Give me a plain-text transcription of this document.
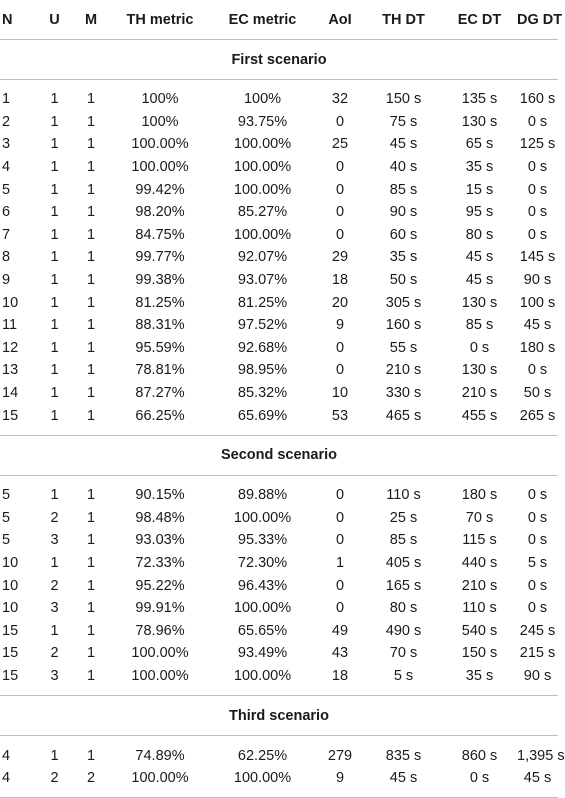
N	U	M	TH metric	EC metric	AoI	TH DT	EC DT	DG DT
First scenario								

1	1	1	100%	100%	32	150 s	135 s	160 s
2	1	1	100%	93.75%	0	75 s	130 s	0 s
3	1	1	100.00%	100.00%	25	45 s	65 s	125 s
4	1	1	100.00%	100.00%	0	40 s	35 s	0 s
5	1	1	99.42%	100.00%	0	85 s	15 s	0 s
6	1	1	98.20%	85.27%	0	90 s	95 s	0 s
7	1	1	84.75%	100.00%	0	60 s	80 s	0 s
8	1	1	99.77%	92.07%	29	35 s	45 s	145 s
9	1	1	99.38%	93.07%	18	50 s	45 s	90 s
10	1	1	81.25%	81.25%	20	305 s	130 s	100 s
11	1	1	88.31%	97.52%	9	160 s	85 s	45 s
12	1	1	95.59%	92.68%	0	55 s	0 s	180 s
13	1	1	78.81%	98.95%	0	210 s	130 s	0 s
14	1	1	87.27%	85.32%	10	330 s	210 s	50 s
15	1	1	66.25%	65.69%	53	465 s	455 s	265 s

Second scenario								

5	1	1	90.15%	89.88%	0	110 s	180 s	0 s
5	2	1	98.48%	100.00%	0	25 s	70 s	0 s
5	3	1	93.03%	95.33%	0	85 s	115 s	0 s
10	1	1	72.33%	72.30%	1	405 s	440 s	5 s
10	2	1	95.22%	96.43%	0	165 s	210 s	0 s
10	3	1	99.91%	100.00%	0	80 s	110 s	0 s
15	1	1	78.96%	65.65%	49	490 s	540 s	245 s
15	2	1	100.00%	93.49%	43	70 s	150 s	215 s
15	3	1	100.00%	100.00%	18	5 s	35 s	90 s

Third scenario								

4	1	1	74.89%	62.25%	279	835 s	860 s	1,395 s
4	2	2	100.00%	100.00%	9	45 s	0 s	45 s
